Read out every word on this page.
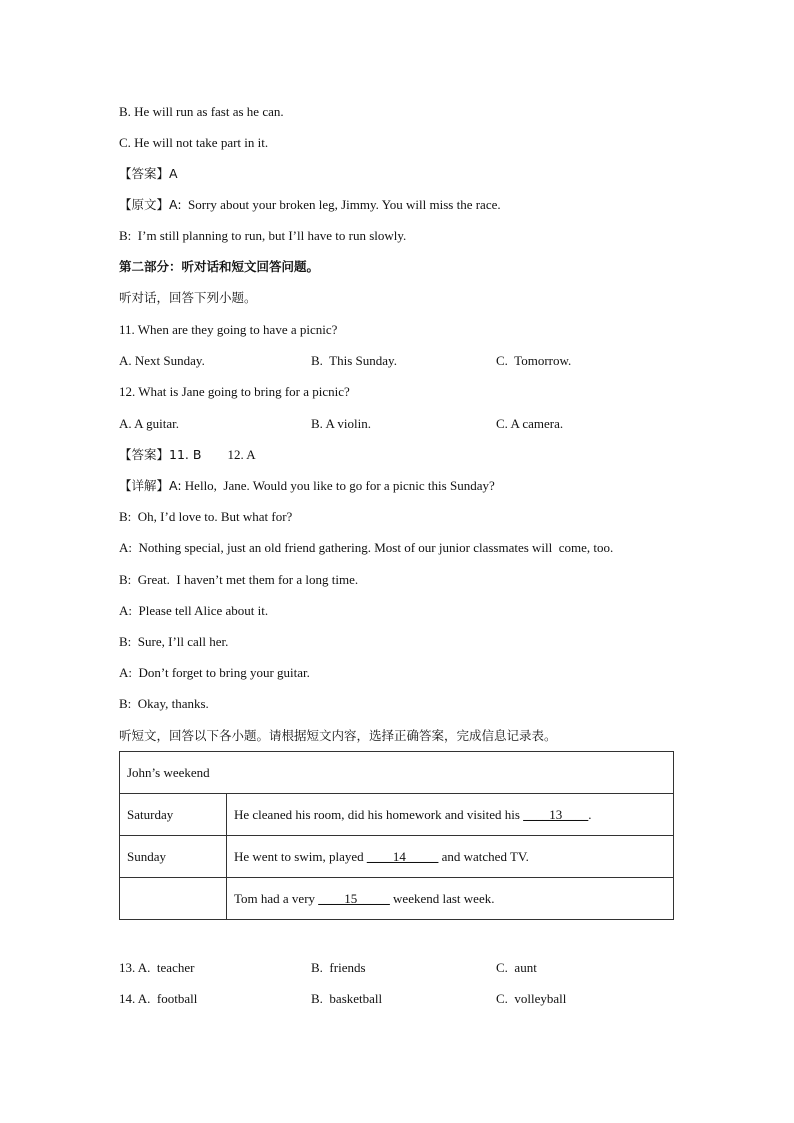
B. He will run as fast as he can.
C. He will not take part in it.
【答案】A
【原文】A: Sorry about your broken leg, Jimmy. You will miss the race.
B:  I’m still planning to run, but I’ll have to run slowly.
第二部分：听对话和短文回答问题。
听对话，回答下列小题。
11. When are they going to have a picnic?
A. Next Sunday.	B.  This Sunday.	C.  Tomorrow.
12. What is Jane going to bring for a picnic?
A. A guitar.	B. A violin.	C. A camera.
【答案】11. B 12. A
【详解】A: Hello,  Jane. Would you like to go for a picnic this Sunday?
B:  Oh, I’d love to. But what for?
A:  Nothing special, just an old friend gathering. Most of our junior classmates will  come, too.
B:  Great.  I haven’t met them for a long time.
A:  Please tell Alice about it.
B:  Sure, I’ll call her.
A:  Don’t forget to bring your guitar.
B:  Okay, thanks.
听短文，回答以下各小题。请根据短文内容，选择正确答案，完成信息记录表。
John’s weekend	
Saturday	He cleaned his room, did his homework and visited his ____13____.
Sunday	He went to swim, played ____14_____ and watched TV.
	Tom had a very ____15_____ weekend last week.
13. A.  teacher	B.  friends	C.  aunt
14. A.  football	B.  basketball	C.  volleyball
